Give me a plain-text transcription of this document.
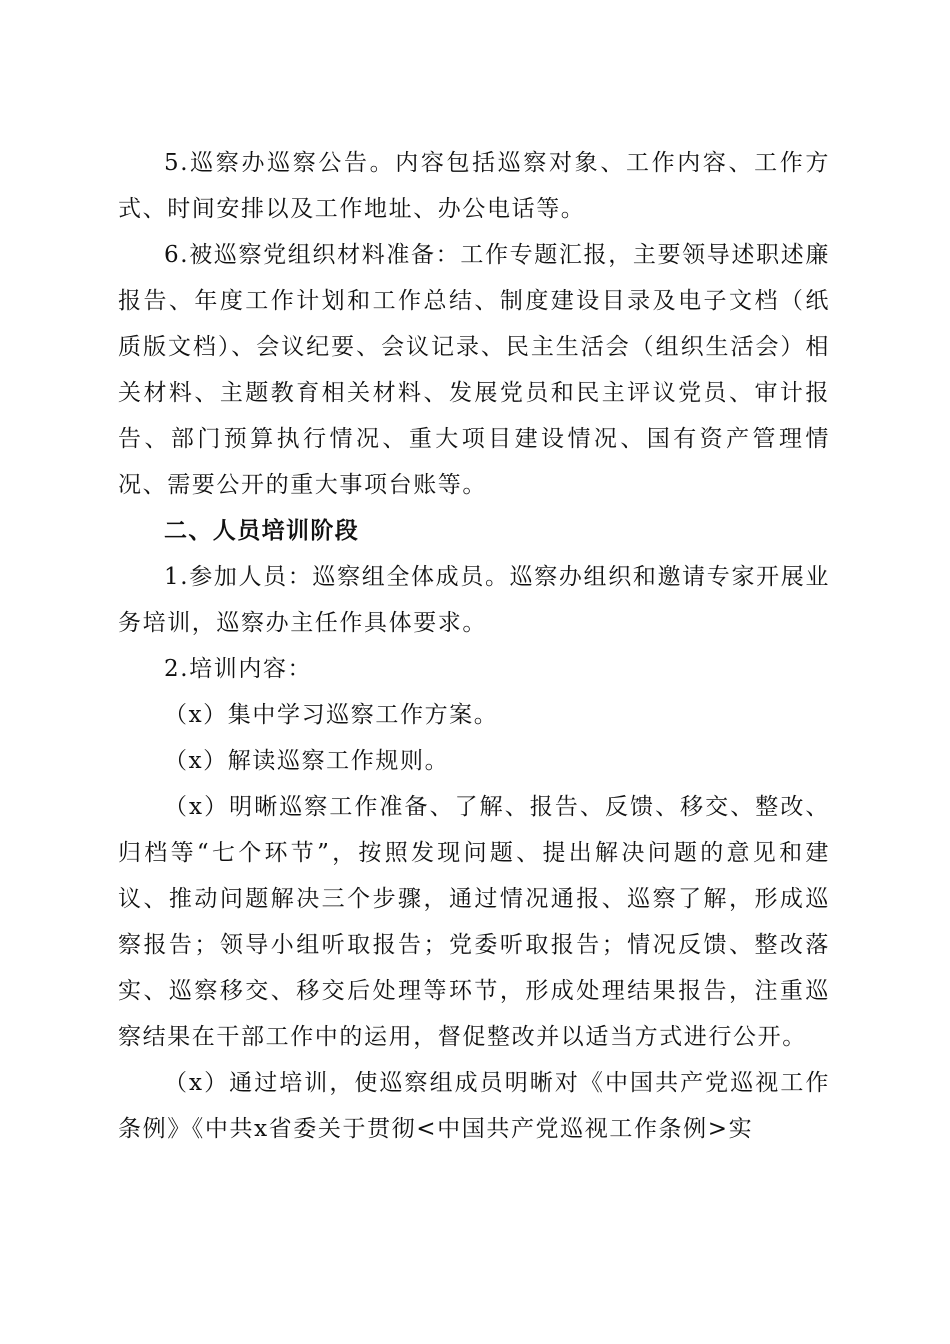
5.巡察办巡察公告。内容包括巡察对象、工作内容、工作方式、时间安排以及工作地址、办公电话等。

6.被巡察党组织材料准备：工作专题汇报，主要领导述职述廉报告、年度工作计划和工作总结、制度建设目录及电子文档（纸质版文档）、会议纪要、会议记录、民主生活会（组织生活会）相关材料、主题教育相关材料、发展党员和民主评议党员、审计报告、部门预算执行情况、重大项目建设情况、国有资产管理情况、需要公开的重大事项台账等。

二、人员培训阶段

1.参加人员：巡察组全体成员。巡察办组织和邀请专家开展业务培训，巡察办主任作具体要求。

2.培训内容：

（x）集中学习巡察工作方案。

（x）解读巡察工作规则。

（x）明晰巡察工作准备、了解、报告、反馈、移交、整改、归档等“七个环节”，按照发现问题、提出解决问题的意见和建议、推动问题解决三个步骤，通过情况通报、巡察了解，形成巡察报告；领导小组听取报告；党委听取报告；情况反馈、整改落实、巡察移交、移交后处理等环节，形成处理结果报告，注重巡察结果在干部工作中的运用，督促整改并以适当方式进行公开。

（x）通过培训，使巡察组成员明晰对《中国共产党巡视工作条例》《中共x省委关于贯彻<中国共产党巡视工作条例>实
